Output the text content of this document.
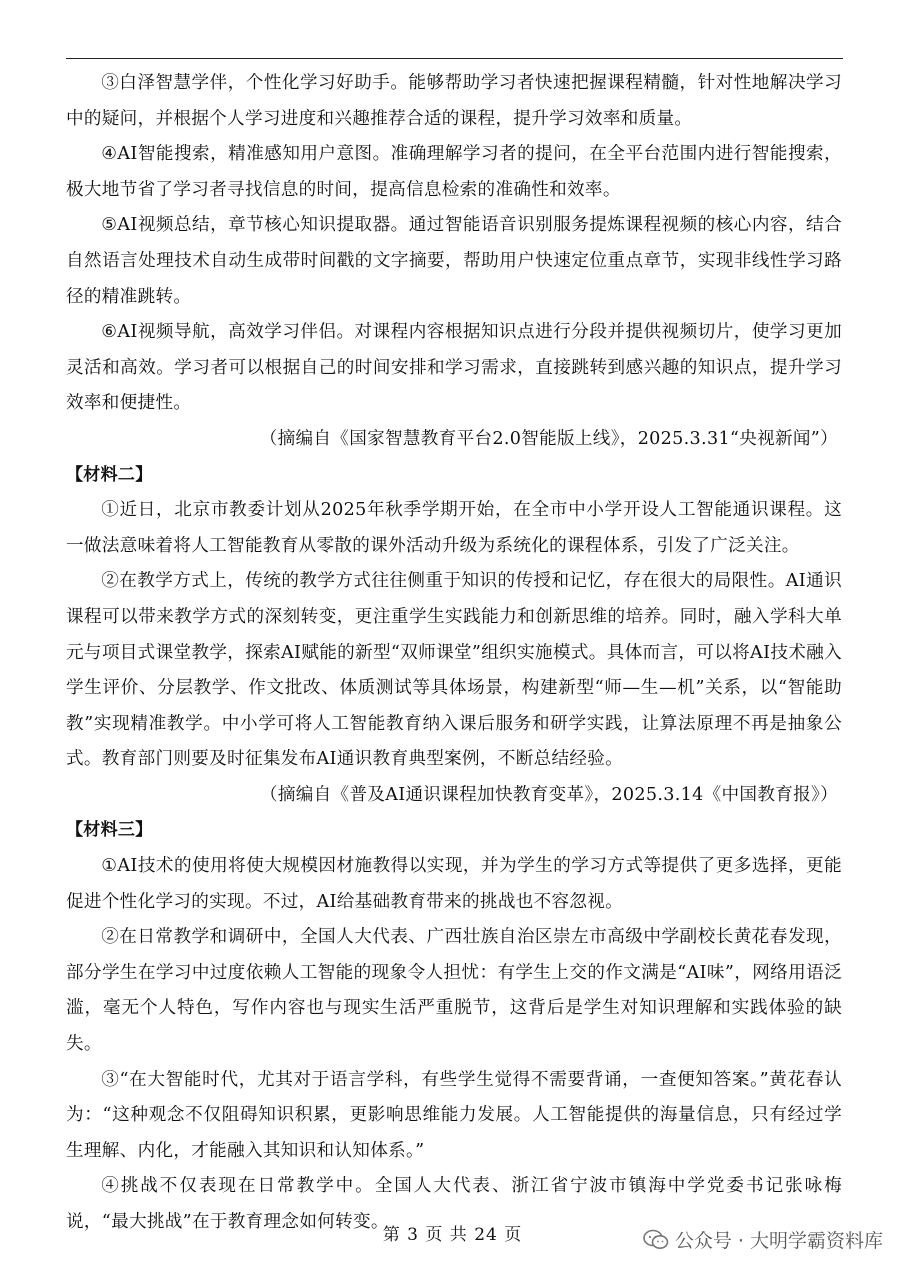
③白泽智慧学伴，个性化学习好助手。能够帮助学习者快速把握课程精髓，针对性地解决学习中的疑问，并根据个人学习进度和兴趣推荐合适的课程，提升学习效率和质量。

④AI智能搜索，精准感知用户意图。准确理解学习者的提问，在全平台范围内进行智能搜索，极大地节省了学习者寻找信息的时间，提高信息检索的准确性和效率。

⑤AI视频总结，章节核心知识提取器。通过智能语音识别服务提炼课程视频的核心内容，结合自然语言处理技术自动生成带时间戳的文字摘要，帮助用户快速定位重点章节，实现非线性学习路径的精准跳转。

⑥AI视频导航，高效学习伴侣。对课程内容根据知识点进行分段并提供视频切片，使学习更加灵活和高效。学习者可以根据自己的时间安排和学习需求，直接跳转到感兴趣的知识点，提升学习效率和便捷性。

（摘编自《国家智慧教育平台2.0智能版上线》，2025.3.31“央视新闻”）

【材料二】

①近日，北京市教委计划从2025年秋季学期开始，在全市中小学开设人工智能通识课程。这一做法意味着将人工智能教育从零散的课外活动升级为系统化的课程体系，引发了广泛关注。

②在教学方式上，传统的教学方式往往侧重于知识的传授和记忆，存在很大的局限性。AI通识课程可以带来教学方式的深刻转变，更注重学生实践能力和创新思维的培养。同时，融入学科大单元与项目式课堂教学，探索AI赋能的新型“双师课堂”组织实施模式。具体而言，可以将AI技术融入学生评价、分层教学、作文批改、体质测试等具体场景，构建新型“师—生—机”关系，以“智能助教”实现精准教学。中小学可将人工智能教育纳入课后服务和研学实践，让算法原理不再是抽象公式。教育部门则要及时征集发布AI通识教育典型案例，不断总结经验。

（摘编自《普及AI通识课程加快教育变革》，2025.3.14《中国教育报》）

【材料三】

①AI技术的使用将使大规模因材施教得以实现，并为学生的学习方式等提供了更多选择，更能促进个性化学习的实现。不过，AI给基础教育带来的挑战也不容忽视。

②在日常教学和调研中，全国人大代表、广西壮族自治区崇左市高级中学副校长黄花春发现，部分学生在学习中过度依赖人工智能的现象令人担忧：有学生上交的作文满是“AI味”，网络用语泛滥，毫无个人特色，写作内容也与现实生活严重脱节，这背后是学生对知识理解和实践体验的缺失。

③“在大智能时代，尤其对于语言学科，有些学生觉得不需要背诵，一查便知答案。”黄花春认为：“这种观念不仅阻碍知识积累，更影响思维能力发展。人工智能提供的海量信息，只有经过学生理解、内化，才能融入其知识和认知体系。”

④挑战不仅表现在日常教学中。全国人大代表、浙江省宁波市镇海中学党委书记张咏梅说，“最大挑战”在于教育理念如何转变。

第 3 页 共 24 页	公众号 · 大明学霸资料库
